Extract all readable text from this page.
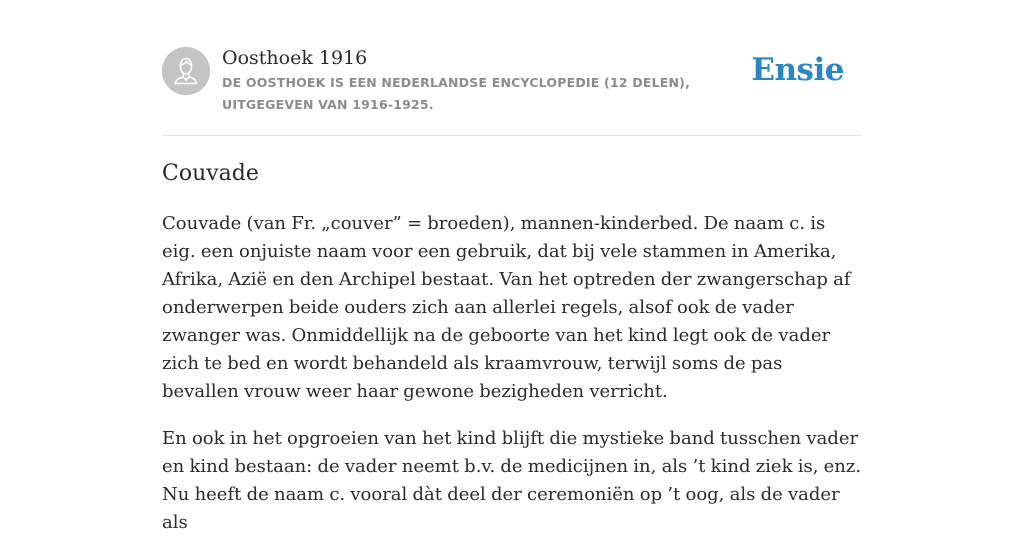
Oosthoek 1916
DE OOSTHOEK IS EEN NEDERLANDSE ENCYCLOPEDIE (12 DELEN), UITGEGEVEN VAN 1916-1925.
Ensie
Couvade

Couvade (van Fr. „couver” = broeden), mannen-kinderbed. De naam c. is eig. een onjuiste naam voor een gebruik, dat bij vele stammen in Amerika, Afrika, Azië en den Archipel bestaat. Van het optreden der zwangerschap af onderwerpen beide ouders zich aan allerlei regels, alsof ook de vader zwanger was. Onmiddellijk na de geboorte van het kind legt ook de vader zich te bed en wordt behandeld als kraamvrouw, terwijl soms de pas bevallen vrouw weer haar gewone bezigheden verricht.

En ook in het opgroeien van het kind blijft die mystieke band tusschen vader en kind bestaan: de vader neemt b.v. de medicijnen in, als ’t kind ziek is, enz. Nu heeft de naam c. vooral dàt deel der ceremoniën op ’t oog, als de vader als
